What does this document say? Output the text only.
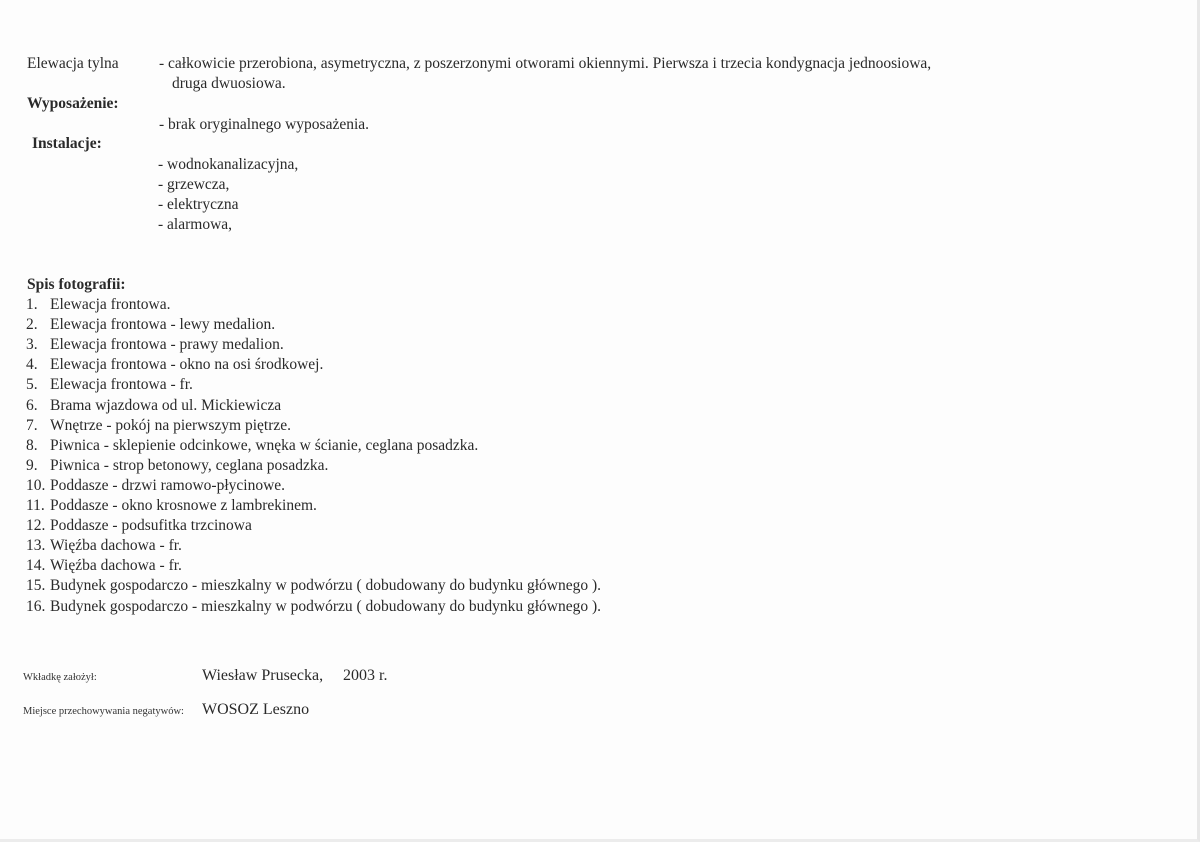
Elewacja tylna	- całkowicie przerobiona, asymetryczna, z poszerzonymi otworami okiennymi. Pierwsza i trzecia kondygnacja jednoosiowa,
druga dwuosiowa.
Wyposażenie:
- brak oryginalnego wyposażenia.
Instalacje:
- wodnokanalizacyjna,
- grzewcza,
- elektryczna
- alarmowa,
Spis fotografii:
1. Elewacja frontowa.
2. Elewacja frontowa - lewy medalion.
3. Elewacja frontowa - prawy medalion.
4. Elewacja frontowa - okno na osi środkowej.
5. Elewacja frontowa - fr.
6. Brama wjazdowa od ul. Mickiewicza
7. Wnętrze - pokój na pierwszym piętrze.
8. Piwnica - sklepienie odcinkowe, wnęka w ścianie, ceglana posadzka.
9. Piwnica - strop betonowy, ceglana posadzka.
10. Poddasze - drzwi ramowo-płycinowe.
11. Poddasze - okno krosnowe z lambrekinem.
12. Poddasze - podsufitka trzcinowa
13. Więźba dachowa - fr.
14. Więźba dachowa - fr.
15. Budynek gospodarczo - mieszkalny w podwórzu ( dobudowany do budynku głównego ).
16. Budynek gospodarczo - mieszkalny w podwórzu ( dobudowany do budynku głównego ).
Wkładkę założył:	Wiesław Prusecka, 2003 r.
Miejsce przechowywania negatywów: WOSOZ Leszno
